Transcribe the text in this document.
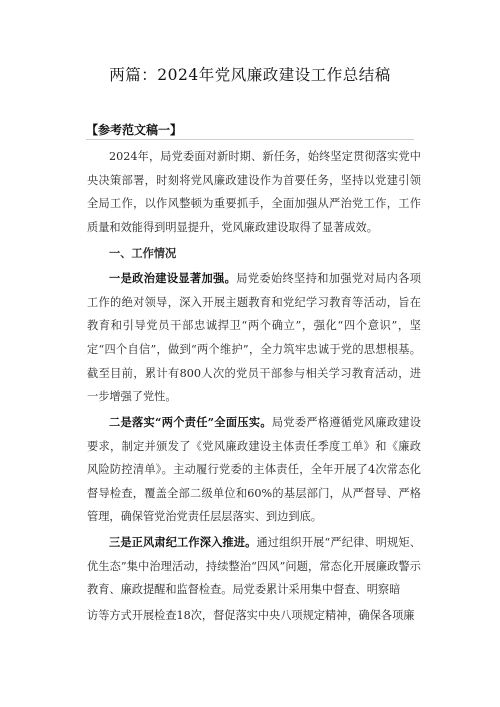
两篇：2024年党风廉政建设工作总结稿
【参考范文稿一】

2024年，局党委面对新时期、新任务，始终坚定贯彻落实党中央决策部署，时刻将党风廉政建设作为首要任务，坚持以党建引领全局工作，以作风整顿为重要抓手，全面加强从严治党工作，工作质量和效能得到明显提升，党风廉政建设取得了显著成效。

一、工作情况

一是政治建设显著加强。局党委始终坚持和加强党对局内各项工作的绝对领导，深入开展主题教育和党纪学习教育等活动，旨在教育和引导党员干部忠诚捍卫“两个确立”，强化“四个意识”，坚定“四个自信”，做到“两个维护”，全力筑牢忠诚于党的思想根基。截至目前，累计有800人次的党员干部参与相关学习教育活动，进一步增强了党性。

二是落实“两个责任”全面压实。局党委严格遵循党风廉政建设要求，制定并颁发了《党风廉政建设主体责任季度工单》和《廉政风险防控清单》。主动履行党委的主体责任，全年开展了4次常态化督导检查，覆盖全部二级单位和60%的基层部门，从严督导、严格管理，确保管党治党责任层层落实、到边到底。

三是正风肃纪工作深入推进。通过组织开展“严纪律、明规矩、优生态”集中治理活动，持续整治“四风”问题，常态化开展廉政警示教育、廉政提醒和监督检查。局党委累计采用集中督查、明察暗

访等方式开展检查18次，督促落实中央八项规定精神，确保各项廉
